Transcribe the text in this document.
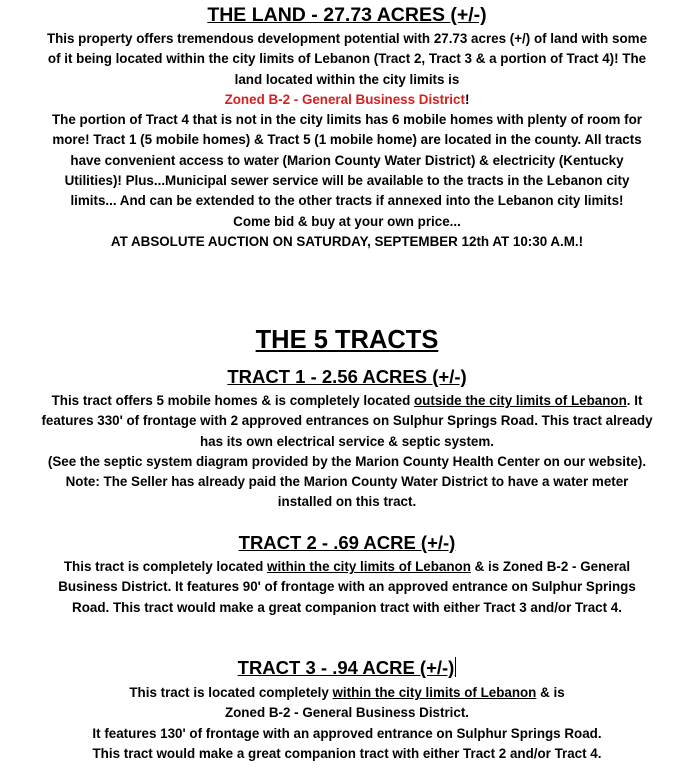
THE LAND - 27.73 ACRES (+/-)
This property offers tremendous development potential with 27.73 acres (+/) of land with some of it being located within the city limits of Lebanon (Tract 2, Tract 3 & a portion of Tract 4)! The land located within the city limits is
Zoned B-2 - General Business District!
The portion of Tract 4 that is not in the city limits has 6 mobile homes with plenty of room for more! Tract 1 (5 mobile homes) & Tract 5 (1 mobile home) are located in the county. All tracts have convenient access to water (Marion County Water District) & electricity (Kentucky Utilities)! Plus...Municipal sewer service will be available to the tracts in the Lebanon city limits... And can be extended to the other tracts if annexed into the Lebanon city limits!
Come bid & buy at your own price...
AT ABSOLUTE AUCTION ON SATURDAY, SEPTEMBER 12th AT 10:30 A.M.!
THE 5 TRACTS
TRACT 1 - 2.56 ACRES (+/-)
This tract offers 5 mobile homes & is completely located outside the city limits of Lebanon. It features 330' of frontage with 2 approved entrances on Sulphur Springs Road. This tract already has its own electrical service & septic system.
(See the septic system diagram provided by the Marion County Health Center on our website). Note: The Seller has already paid the Marion County Water District to have a water meter installed on this tract.
TRACT 2 - .69 ACRE (+/-)
This tract is completely located within the city limits of Lebanon & is Zoned B-2 - General Business District. It features 90' of frontage with an approved entrance on Sulphur Springs Road. This tract would make a great companion tract with either Tract 3 and/or Tract 4.
TRACT 3 - .94 ACRE (+/-)
This tract is located completely within the city limits of Lebanon & is
Zoned B-2 - General Business District.
It features 130' of frontage with an approved entrance on Sulphur Springs Road.
This tract would make a great companion tract with either Tract 2 and/or Tract 4.
